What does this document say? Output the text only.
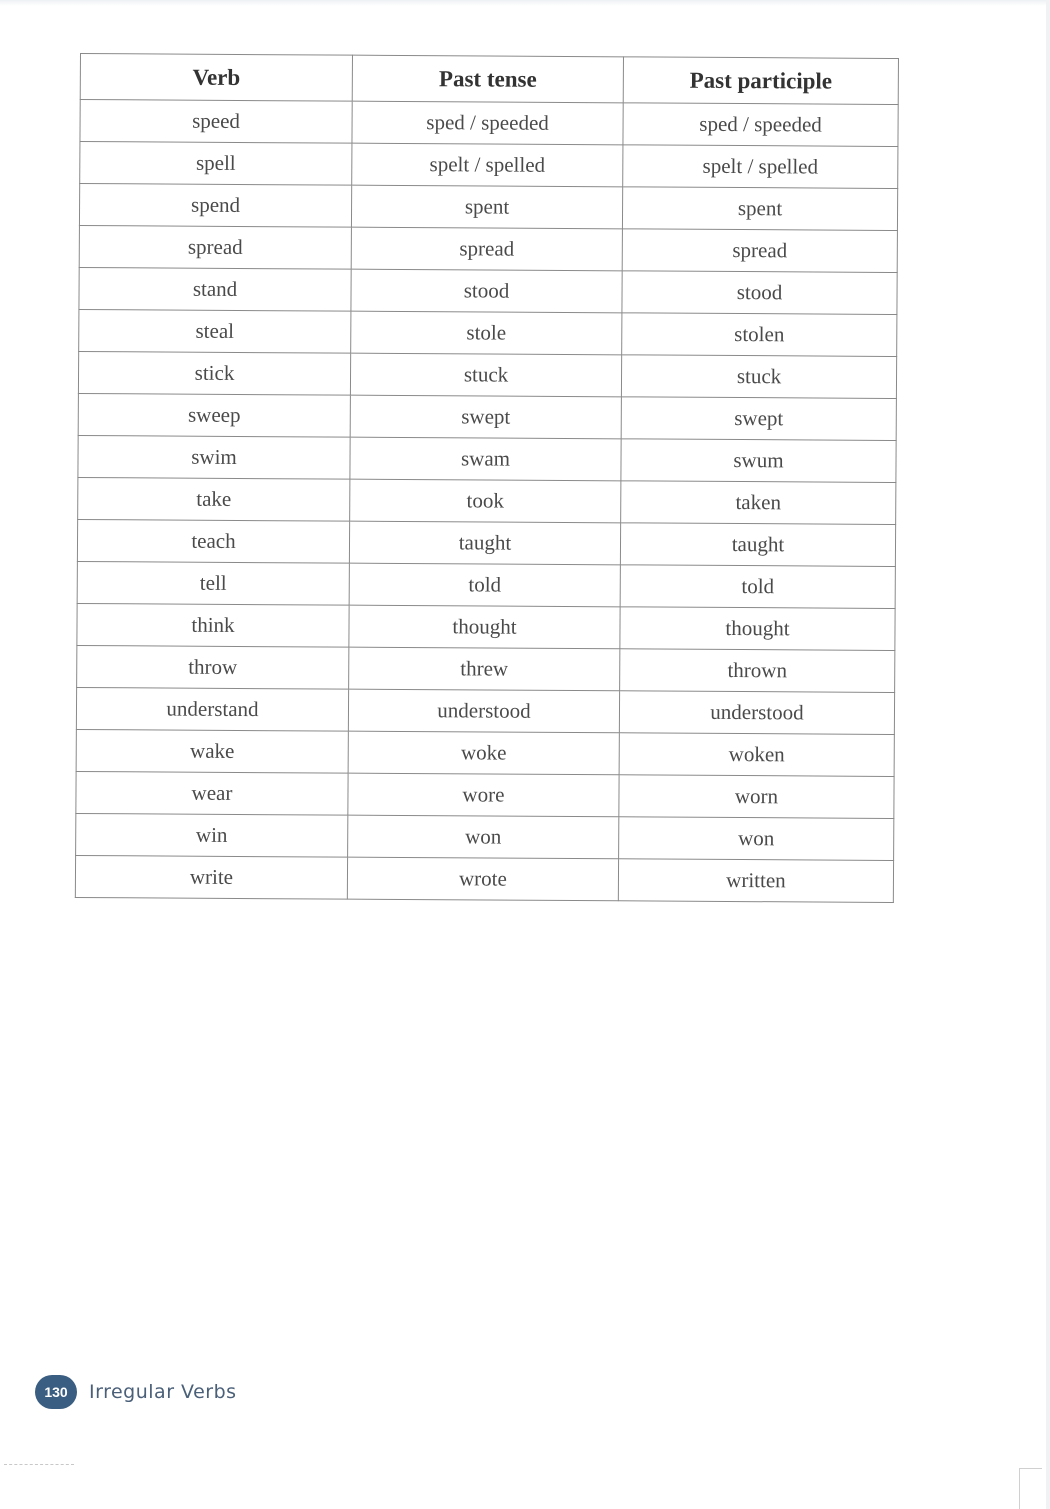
Verb	Past tense	Past participle
speed	sped / speeded	sped / speeded
spell	spelt / spelled	spelt / spelled
spend	spent	spent
spread	spread	spread
stand	stood	stood
steal	stole	stolen
stick	stuck	stuck
sweep	swept	swept
swim	swam	swum
take	took	taken
teach	taught	taught
tell	told	told
think	thought	thought
throw	threw	thrown
understand	understood	understood
wake	woke	woken
wear	wore	worn
win	won	won
write	wrote	written
130	Irregular Verbs
